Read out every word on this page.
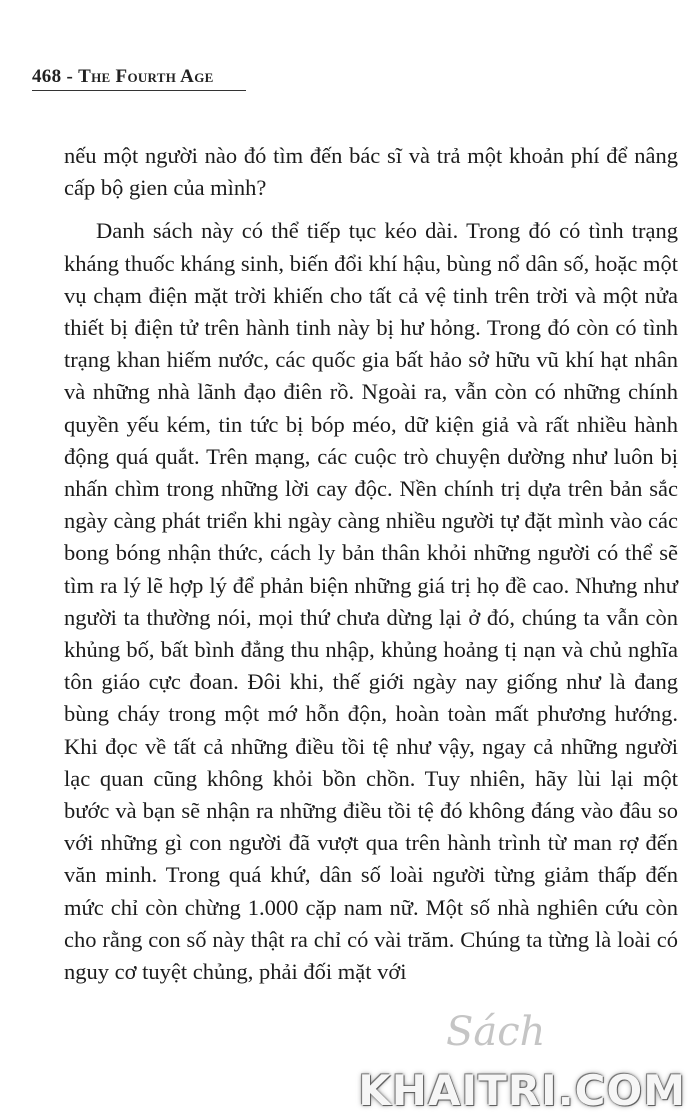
468 - The Fourth Age

nếu một người nào đó tìm đến bác sĩ và trả một khoản phí để nâng cấp bộ gien của mình?

Danh sách này có thể tiếp tục kéo dài. Trong đó có tình trạng kháng thuốc kháng sinh, biến đổi khí hậu, bùng nổ dân số, hoặc một vụ chạm điện mặt trời khiến cho tất cả vệ tinh trên trời và một nửa thiết bị điện tử trên hành tinh này bị hư hỏng. Trong đó còn có tình trạng khan hiếm nước, các quốc gia bất hảo sở hữu vũ khí hạt nhân và những nhà lãnh đạo điên rồ. Ngoài ra, vẫn còn có những chính quyền yếu kém, tin tức bị bóp méo, dữ kiện giả và rất nhiều hành động quá quắt. Trên mạng, các cuộc trò chuyện dường như luôn bị nhấn chìm trong những lời cay độc. Nền chính trị dựa trên bản sắc ngày càng phát triển khi ngày càng nhiều người tự đặt mình vào các bong bóng nhận thức, cách ly bản thân khỏi những người có thể sẽ tìm ra lý lẽ hợp lý để phản biện những giá trị họ đề cao. Nhưng như người ta thường nói, mọi thứ chưa dừng lại ở đó, chúng ta vẫn còn khủng bố, bất bình đẳng thu nhập, khủng hoảng tị nạn và chủ nghĩa tôn giáo cực đoan. Đôi khi, thế giới ngày nay giống như là đang bùng cháy trong một mớ hỗn độn, hoàn toàn mất phương hướng. Khi đọc về tất cả những điều tồi tệ như vậy, ngay cả những người lạc quan cũng không khỏi bồn chồn. Tuy nhiên, hãy lùi lại một bước và bạn sẽ nhận ra những điều tồi tệ đó không đáng vào đâu so với những gì con người đã vượt qua trên hành trình từ man rợ đến văn minh. Trong quá khứ, dân số loài người từng giảm thấp đến mức chỉ còn chừng 1.000 cặp nam nữ. Một số nhà nghiên cứu còn cho rằng con số này thật ra chỉ có vài trăm. Chúng ta từng là loài có nguy cơ tuyệt chủng, phải đối mặt với

Sách
KHAITRI.COM
